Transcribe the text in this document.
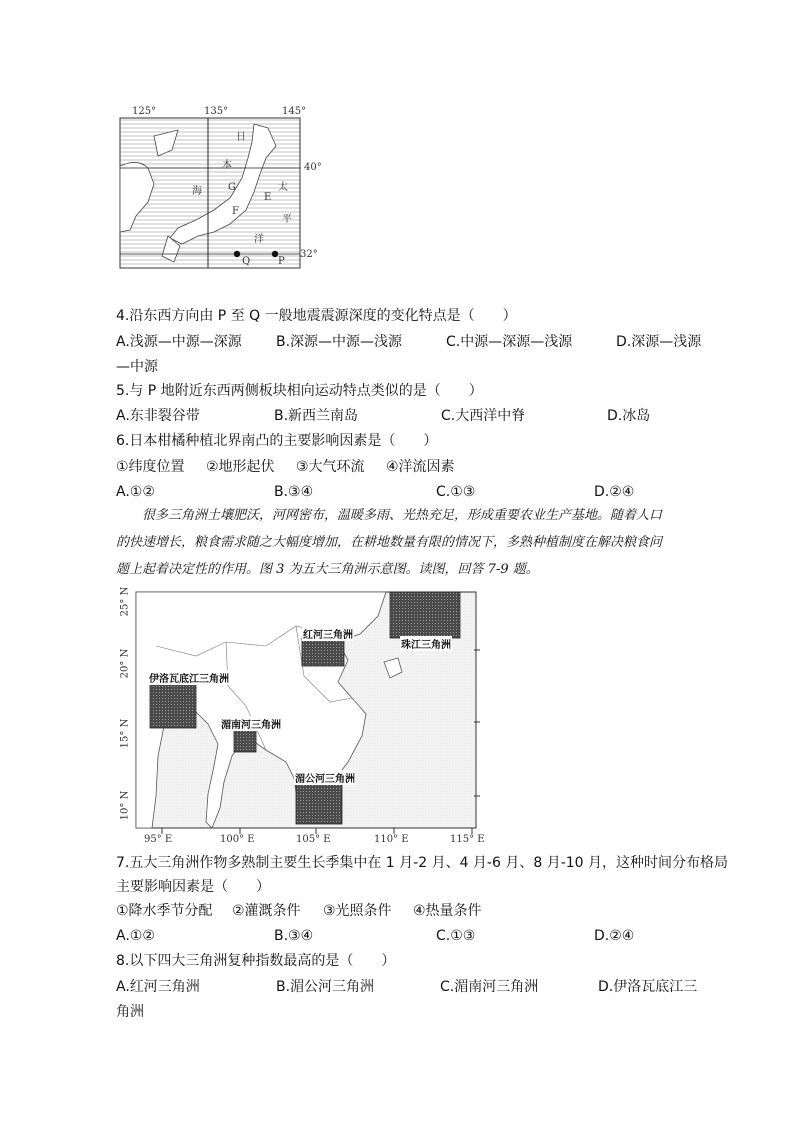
125°	135°	145°
40°
32°
日
本
海	太
平
洋
G
E
F
Q	P
4.沿东西方向由 P 至 Q 一般地震震源深度的变化特点是（　　）
A.浅源—中源—深源 B.深源—中源—浅源	C.中源—深源—浅源	D.深源—浅源
—中源
5.与 P 地附近东西两侧板块相向运动特点类似的是（　　）
A.东非裂谷带	B.新西兰南岛	C.大西洋中脊	D.冰岛
6.日本柑橘种植北界南凸的主要影响因素是（　　）
①纬度位置 ②地形起伏 ③大气环流 ④洋流因素
A.①②	B.③④	C.①③	D.②④
很多三角洲土壤肥沃，河网密布，温暖多雨、光热充足，形成重要农业生产基地。随着人口
的快速增长，粮食需求随之大幅度增加，在耕地数量有限的情况下，多熟种植制度在解决粮食问
题上起着决定性的作用。图 3 为五大三角洲示意图。读图，回答 7-9 题。
25° N
20° N
15° N
10° N
95° E	100° E	105° E	110° E	115° E
红河三角洲
珠江三角洲
伊洛瓦底江三角洲
湄南河三角洲
湄公河三角洲
7.五大三角洲作物多熟制主要生长季集中在 1 月-2 月、4 月-6 月、8 月-10 月，这种时间分布格局
主要影响因素是（　　）
①降水季节分配 ②灌溉条件 ③光照条件 ④热量条件
A.①②	B.③④	C.①③	D.②④
8.以下四大三角洲复种指数最高的是（　　）
A.红河三角洲	B.湄公河三角洲	C.湄南河三角洲	D.伊洛瓦底江三
角洲
